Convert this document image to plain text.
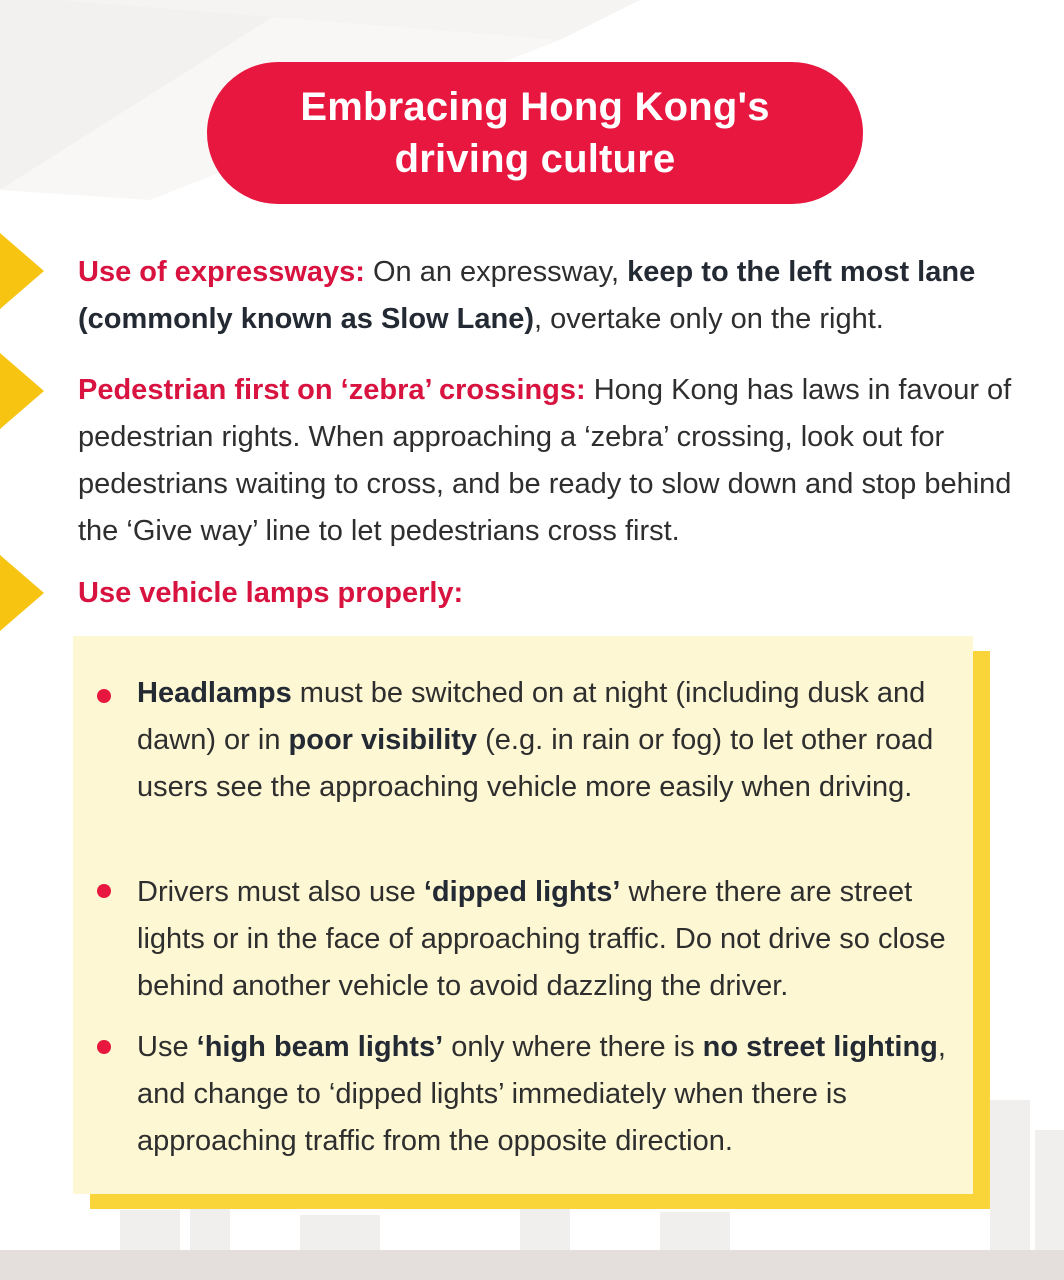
Embracing Hong Kong's
driving culture
Use of expressways: On an expressway, keep to the left most lane (commonly known as Slow Lane), overtake only on the right.
Pedestrian first on ‘zebra’ crossings: Hong Kong has laws in favour of pedestrian rights. When approaching a ‘zebra’ crossing, look out for pedestrians waiting to cross, and be ready to slow down and stop behind the ‘Give way’ line to let pedestrians cross first.
Use vehicle lamps properly:
Headlamps must be switched on at night (including dusk and dawn) or in poor visibility (e.g. in rain or fog) to let other road users see the approaching vehicle more easily when driving.
Drivers must also use ‘dipped lights’ where there are street lights or in the face of approaching traffic. Do not drive so close behind another vehicle to avoid dazzling the driver.
Use ‘high beam lights’ only where there is no street lighting, and change to ‘dipped lights’ immediately when there is approaching traffic from the opposite direction.
